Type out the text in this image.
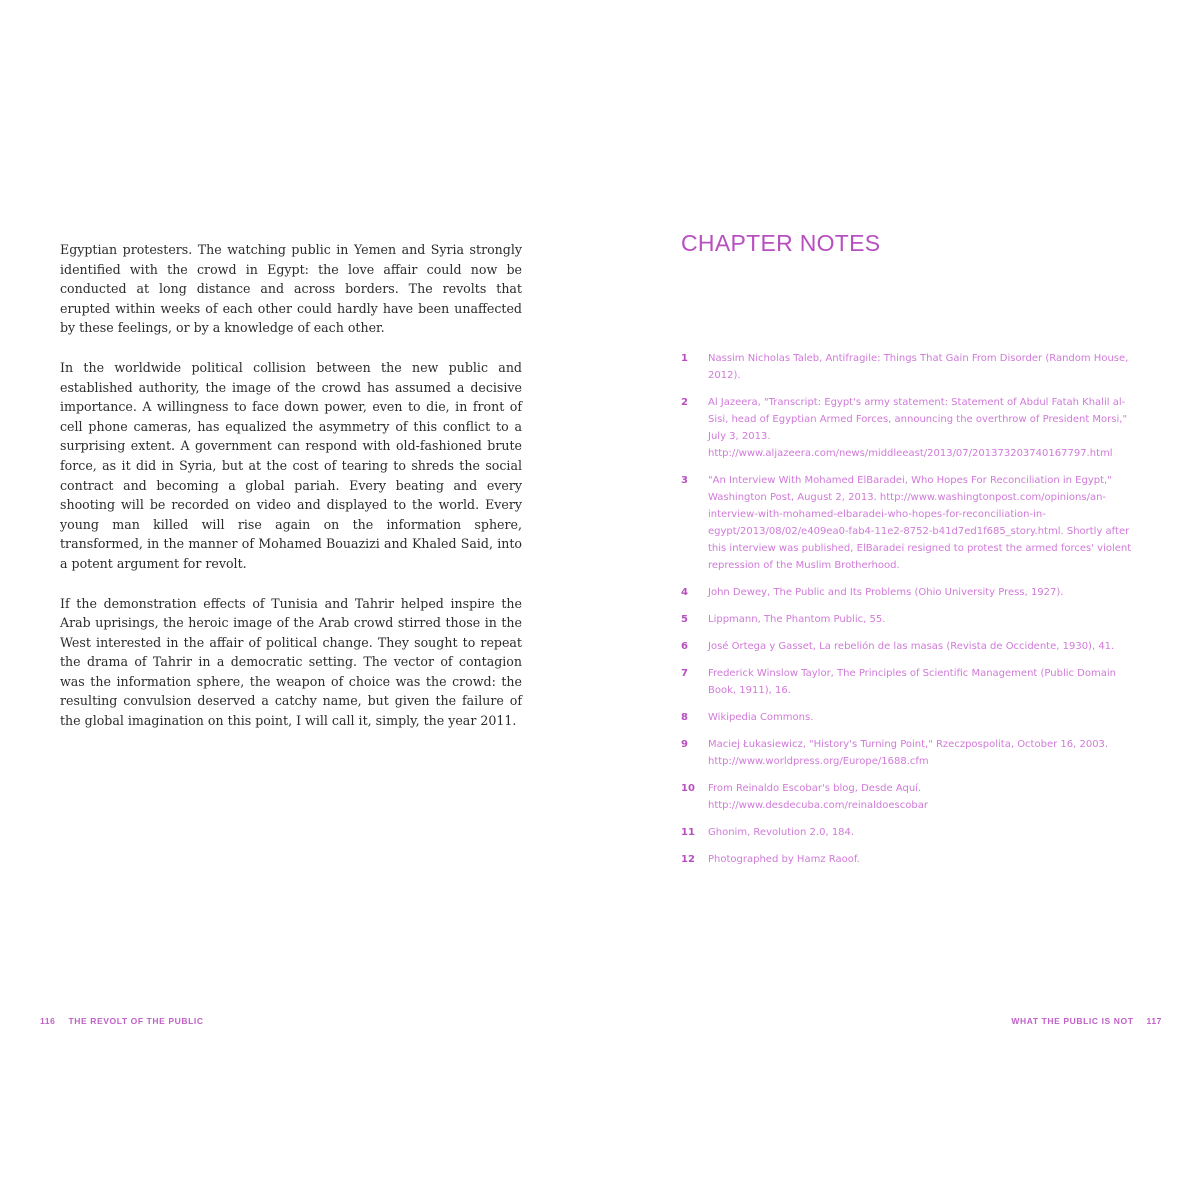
Egyptian protesters. The watching public in Yemen and Syria strongly identified with the crowd in Egypt: the love affair could now be conducted at long distance and across borders. The revolts that erupted within weeks of each other could hardly have been unaffected by these feelings, or by a knowledge of each other.

In the worldwide political collision between the new public and established authority, the image of the crowd has assumed a decisive importance. A willingness to face down power, even to die, in front of cell phone cameras, has equalized the asymmetry of this conflict to a surprising extent. A government can respond with old-fashioned brute force, as it did in Syria, but at the cost of tearing to shreds the social contract and becoming a global pariah. Every beating and every shooting will be recorded on video and displayed to the world. Every young man killed will rise again on the information sphere, transformed, in the manner of Mohamed Bouazizi and Khaled Said, into a potent argument for revolt.

If the demonstration effects of Tunisia and Tahrir helped inspire the Arab uprisings, the heroic image of the Arab crowd stirred those in the West interested in the affair of political change. They sought to repeat the drama of Tahrir in a democratic setting. The vector of contagion was the information sphere, the weapon of choice was the crowd: the resulting convulsion deserved a catchy name, but given the failure of the global imagination on this point, I will call it, simply, the year 2011.

116 THE REVOLT OF THE PUBLIC
CHAPTER NOTES
1	Nassim Nicholas Taleb, Antifragile: Things That Gain From Disorder (Random House, 2012).
2	Al Jazeera, "Transcript: Egypt's army statement: Statement of Abdul Fatah Khalil al-Sisi, head of Egyptian Armed Forces, announcing the overthrow of President Morsi," July 3, 2013. http://www.aljazeera.com/news/middleeast/2013/07/201373203740167797.html
3	"An Interview With Mohamed ElBaradei, Who Hopes For Reconciliation in Egypt," Washington Post, August 2, 2013. http://www.washingtonpost.com/opinions/an-interview-with-mohamed-elbaradei-who-hopes-for-reconciliation-in-egypt/2013/08/02/e409ea0-fab4-11e2-8752-b41d7ed1f685_story.html. Shortly after this interview was published, ElBaradei resigned to protest the armed forces' violent repression of the Muslim Brotherhood.
4	John Dewey, The Public and Its Problems (Ohio University Press, 1927).
5	Lippmann, The Phantom Public, 55.
6	José Ortega y Gasset, La rebelión de las masas (Revista de Occidente, 1930), 41.
7	Frederick Winslow Taylor, The Principles of Scientific Management (Public Domain Book, 1911), 16.
8	Wikipedia Commons.
9	Maciej Łukasiewicz, "History's Turning Point," Rzeczpospolita, October 16, 2003. http://www.worldpress.org/Europe/1688.cfm
10	From Reinaldo Escobar's blog, Desde Aquí. http://www.desdecuba.com/reinaldoescobar
11	Ghonim, Revolution 2.0, 184.
12	Photographed by Hamz Raoof.
WHAT THE PUBLIC IS NOT 117
